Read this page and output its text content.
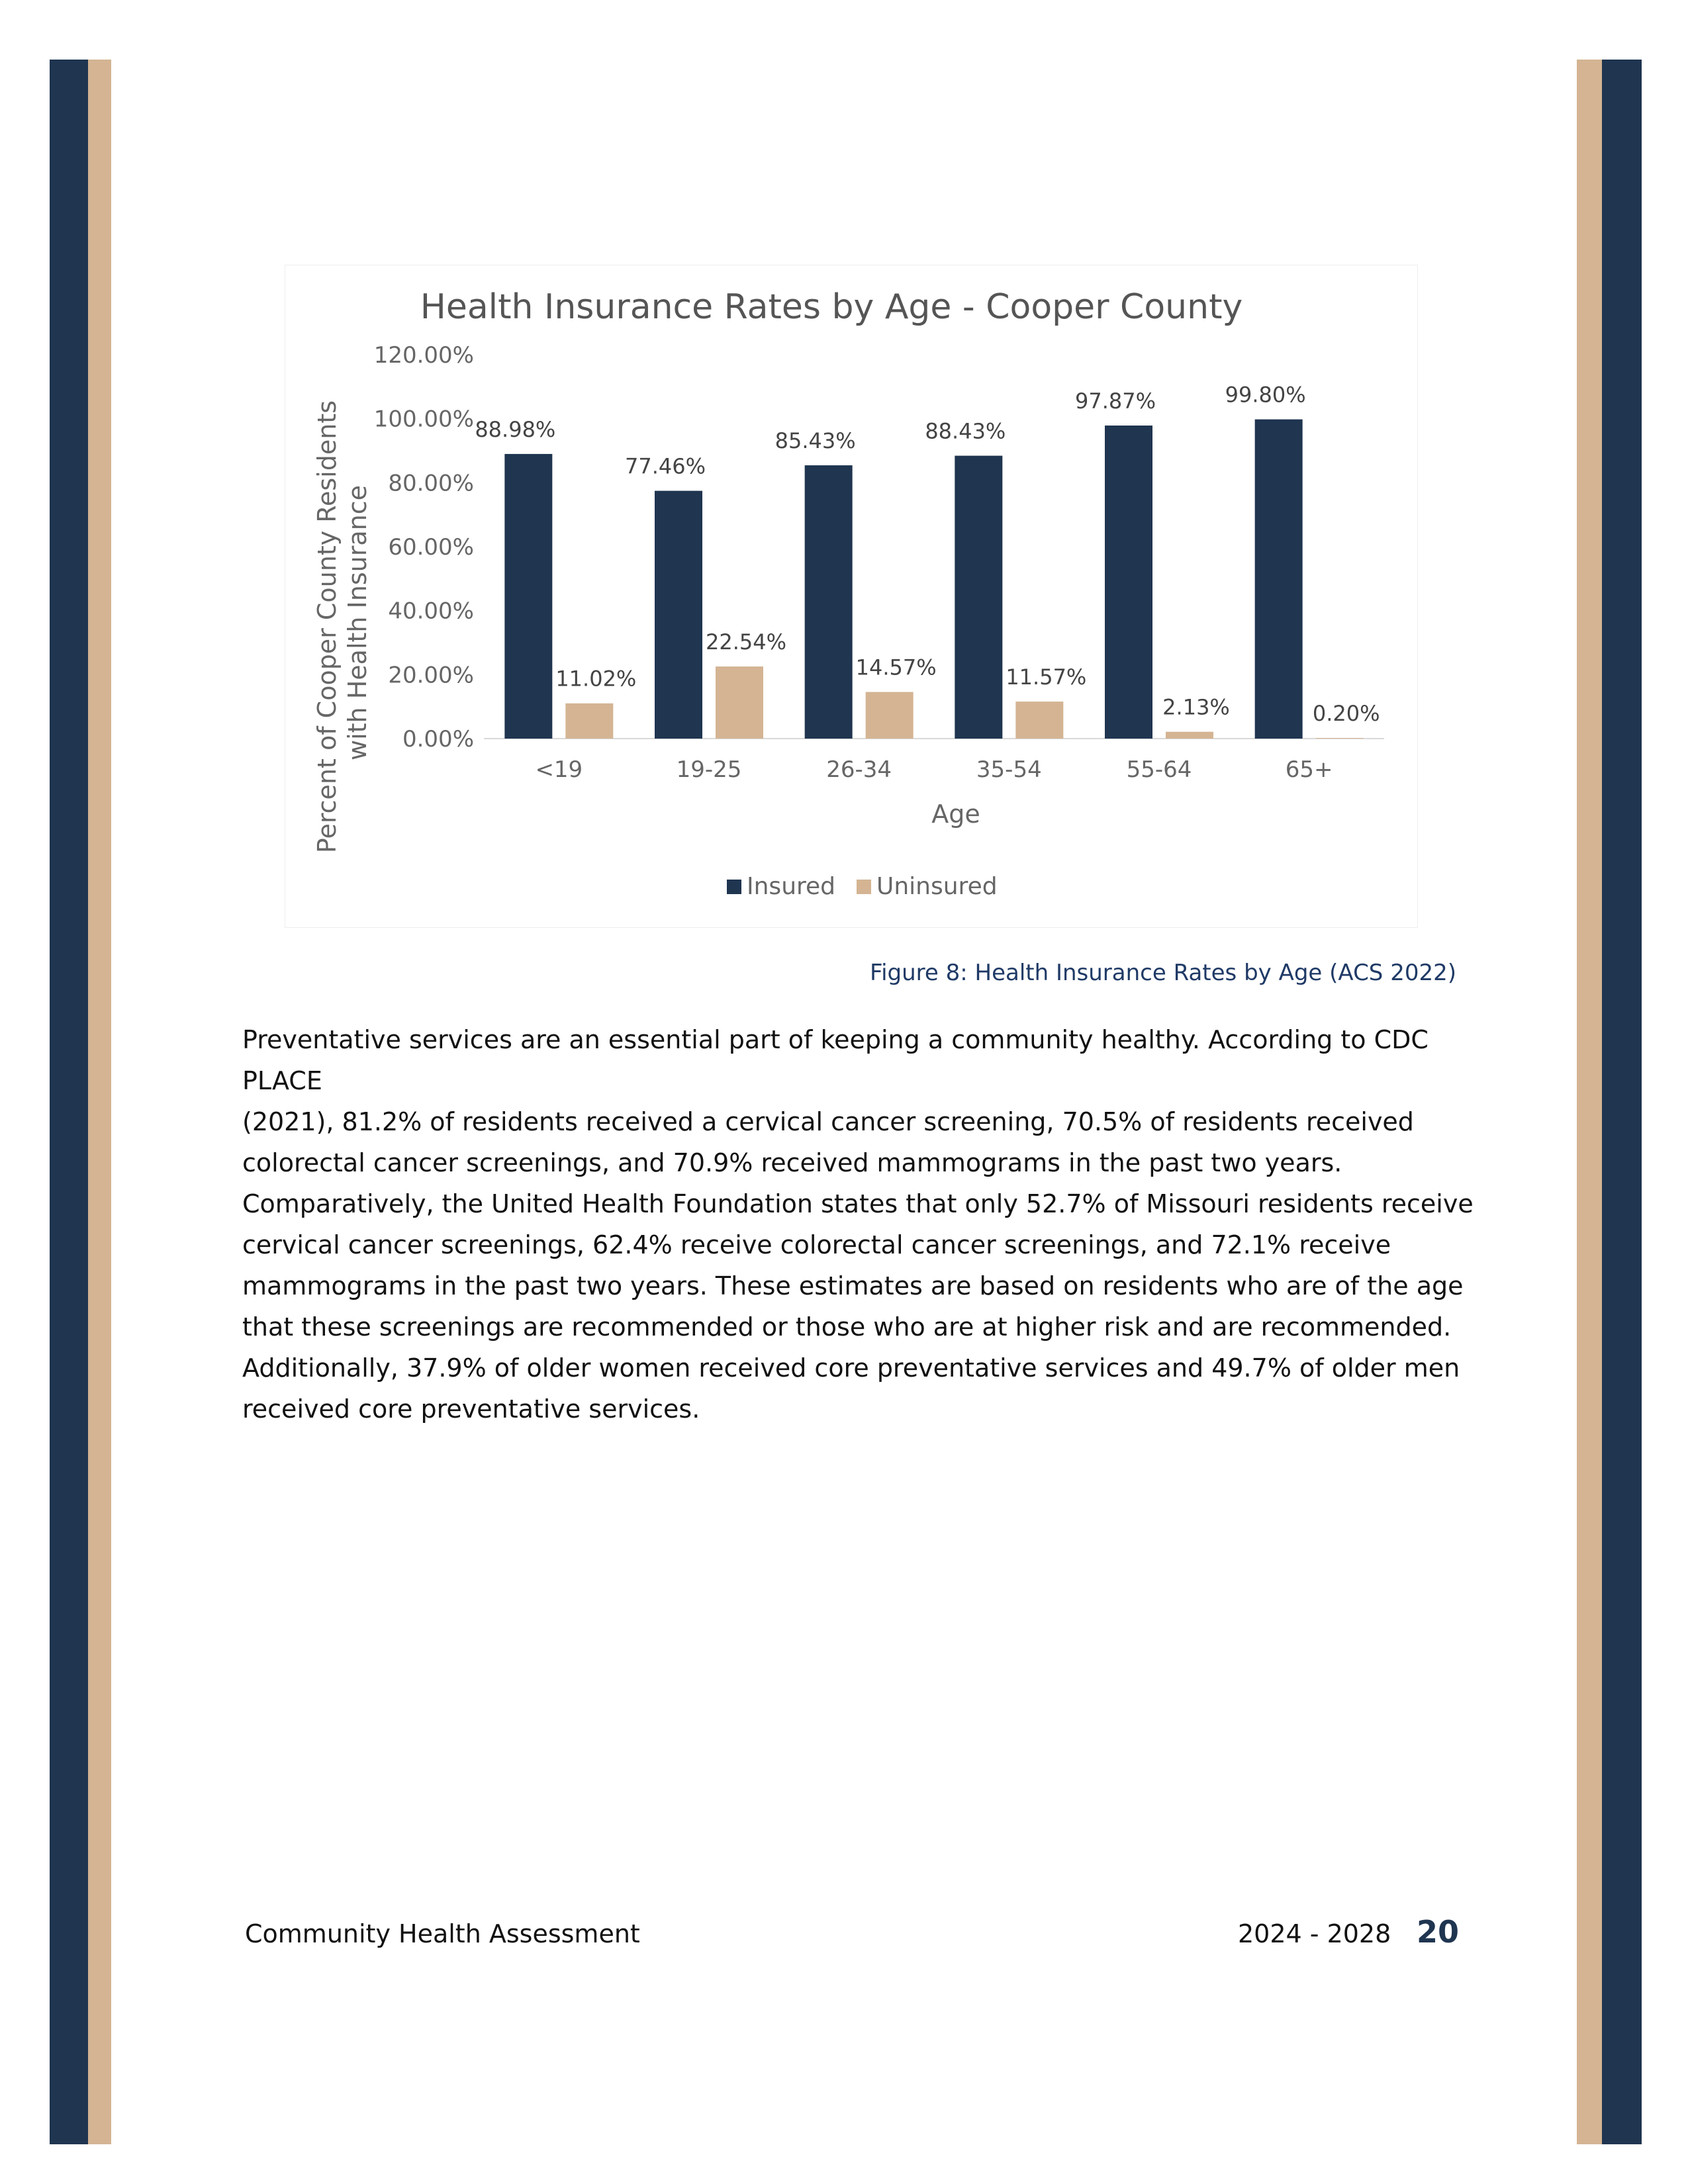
Health Insurance Rates by Age - Cooper County
Percent of Cooper County Residents with Health Insurance
Age
Insured Uninsured
0.00%
20.00%
40.00%
60.00%
80.00%
100.00%
120.00%
88.98%
11.02%
<19
77.46%
22.54%
19-25
85.43%
14.57%
26-34
88.43%
11.57%
35-54
97.87%
2.13%
55-64
99.80%
0.20%
65+
Figure 8: Health Insurance Rates by Age (ACS 2022)
Preventative services are an essential part of keeping a community healthy. According to CDC PLACE
(2021), 81.2% of residents received a cervical cancer screening, 70.5% of residents received
colorectal cancer screenings, and 70.9% received mammograms in the past two years.
Comparatively, the United Health Foundation states that only 52.7% of Missouri residents receive
cervical cancer screenings, 62.4% receive colorectal cancer screenings, and 72.1% receive
mammograms in the past two years. These estimates are based on residents who are of the age
that these screenings are recommended or those who are at higher risk and are recommended.
Additionally, 37.9% of older women received core preventative services and 49.7% of older men
received core preventative services.
Community Health Assessment	2024 - 2028 20
